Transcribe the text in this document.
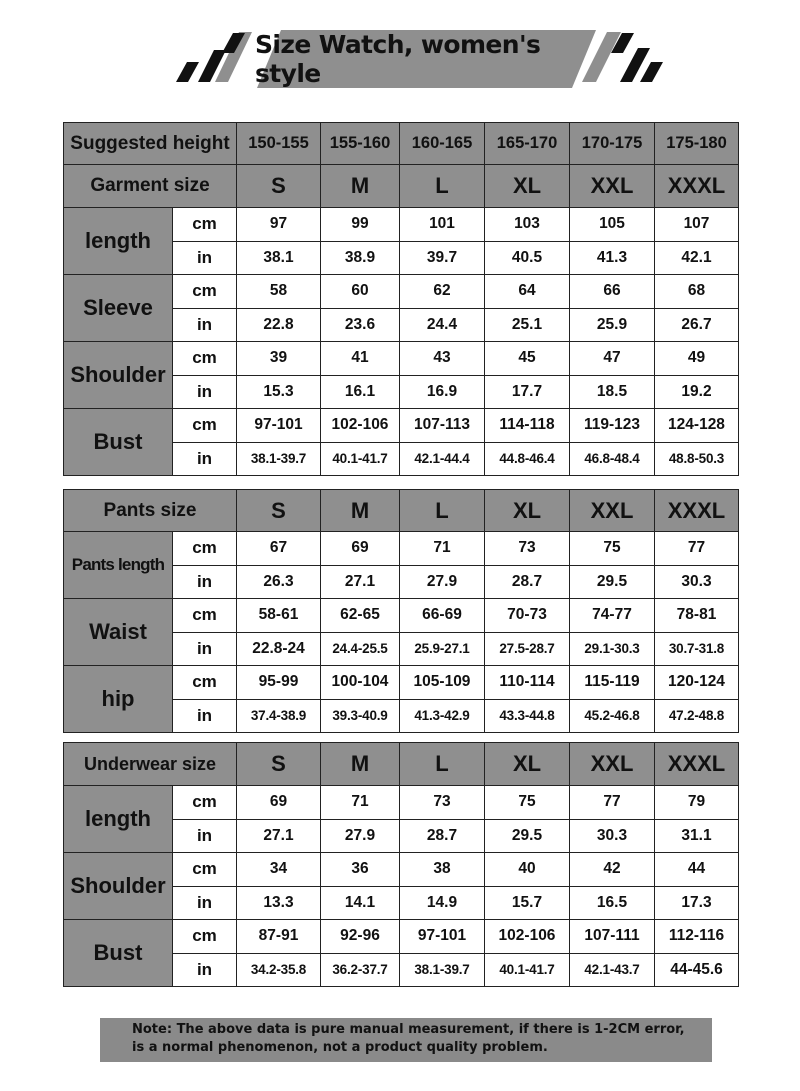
Size Watch, women's style
Suggested height		150-155	155-160	160-165	165-170	170-175	175-180
Garment size		S	M	L	XL	XXL	XXXL
length	cm	97	99	101	103	105	107
	in	38.1	38.9	39.7	40.5	41.3	42.1
Sleeve	cm	58	60	62	64	66	68
	in	22.8	23.6	24.4	25.1	25.9	26.7
Shoulder	cm	39	41	43	45	47	49
	in	15.3	16.1	16.9	17.7	18.5	19.2
Bust	cm	97-101	102-106	107-113	114-118	119-123	124-128
	in	38.1-39.7	40.1-41.7	42.1-44.4	44.8-46.4	46.8-48.4	48.8-50.3
Pants size		S	M	L	XL	XXL	XXXL
Pants length	cm	67	69	71	73	75	77
	in	26.3	27.1	27.9	28.7	29.5	30.3
Waist	cm	58-61	62-65	66-69	70-73	74-77	78-81
	in	22.8-24	24.4-25.5	25.9-27.1	27.5-28.7	29.1-30.3	30.7-31.8
hip	cm	95-99	100-104	105-109	110-114	115-119	120-124
	in	37.4-38.9	39.3-40.9	41.3-42.9	43.3-44.8	45.2-46.8	47.2-48.8
Underwear size		S	M	L	XL	XXL	XXXL
length	cm	69	71	73	75	77	79
	in	27.1	27.9	28.7	29.5	30.3	31.1
Shoulder	cm	34	36	38	40	42	44
	in	13.3	14.1	14.9	15.7	16.5	17.3
Bust	cm	87-91	92-96	97-101	102-106	107-111	112-116
	in	34.2-35.8	36.2-37.7	38.1-39.7	40.1-41.7	42.1-43.7	44-45.6
Note: The above data is pure manual measurement, if there is 1-2CM error,
is a normal phenomenon, not a product quality problem.
